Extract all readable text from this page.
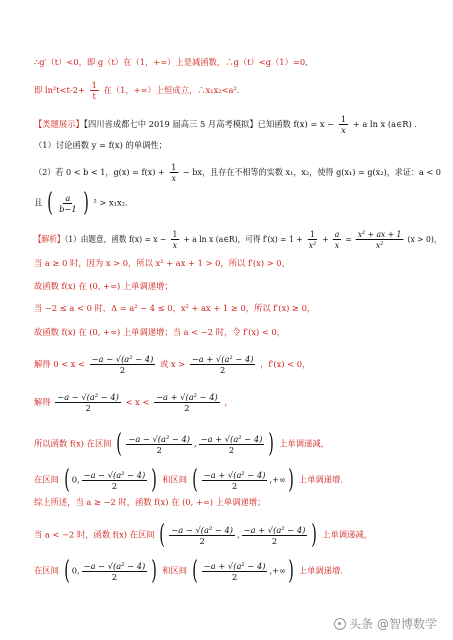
∴g′（t）<0，即 g（t）在（1，+∞）上是减函数，∴g（t）<g（1）=0,
即 $\ln^2t<t-2+ \frac{1}{t}$ 在（1，+∞）上恒成立，∴x₁x₂<a².
【类题展示】【四川省成都七中 2019 届高三 5 月高考模拟】已知函数 $f(x) = x - \frac{1}{x} + a$ ln x (a∈R) .
（1）讨论函数 y = f(x) 的单调性；
（2）若 0 < b < 1，$g(x) = f(x) + \frac{1}{x}$ − bx，且存在不相等的实数 x₁，x₂，使得 g(x₁) = g(x₂)，求证：a < 0
且 ( $\frac{a}{b-1}$ ) ² > x₁x₂.
【解析】（1）由题意，函数 $f(x) = x - \frac{1}{x} + a$ ln x (a∈R)，可得 $f'(x) = 1 + \frac{1}{\text{x²}} + \frac{a}{x} = \frac{\text{x² + ax + 1}}{\text{x²}} (x > 0)$，
当 a ≥ 0 时，因为 x > 0，所以 x² + ax + 1 > 0，所以 f′(x) > 0，
故函数 f(x) 在 (0, +∞) 上单调递增；
当 −2 ≤ a < 0 时，Δ = a² − 4 ≤ 0，x² + ax + 1 ≥ 0，所以 f′(x) ≥ 0，
故函数 f(x) 在 (0, +∞) 上单调递增；当 a < −2 时，令 f′(x) < 0，
解得 $0 < x < \frac{\text{−a − √(a² − 4)}}{2}$ 或 $x > \frac{\text{−a + √(a² − 4)}}{2}$ ，f′(x) < 0，
解得 $\frac{\text{−a − √(a² − 4)}}{2} < x < \frac{\text{−a + √(a² − 4)}}{2}$ ，
所以函数 f(x) 在区间 ( $\frac{\text{−a − √(a² − 4)}}{2}$ , $\frac{\text{−a + √(a² − 4)}}{2}$ ) 上单调递减，
在区间 ( 0, $\frac{\text{−a − √(a² − 4)}}{2}$ ) 和区间 ( $\frac{\text{−a + √(a² − 4)}}{2}$ ,+∞) 上单调递增．
综上所述，当 a ≥ −2 时，函数 f(x) 在 (0, +∞) 上单调递增；
当 a < −2 时，函数 f(x) 在区间 ( $\frac{\text{−a − √(a² − 4)}}{2}$ , $\frac{\text{−a + √(a² − 4)}}{2}$ ) 上单调递减，
在区间 ( 0, $\frac{\text{−a − √(a² − 4)}}{2}$ ) 和区间 ( $\frac{\text{−a + √(a² − 4)}}{2}$ ,+∞) 上单调递增．
头条 @智博数学
